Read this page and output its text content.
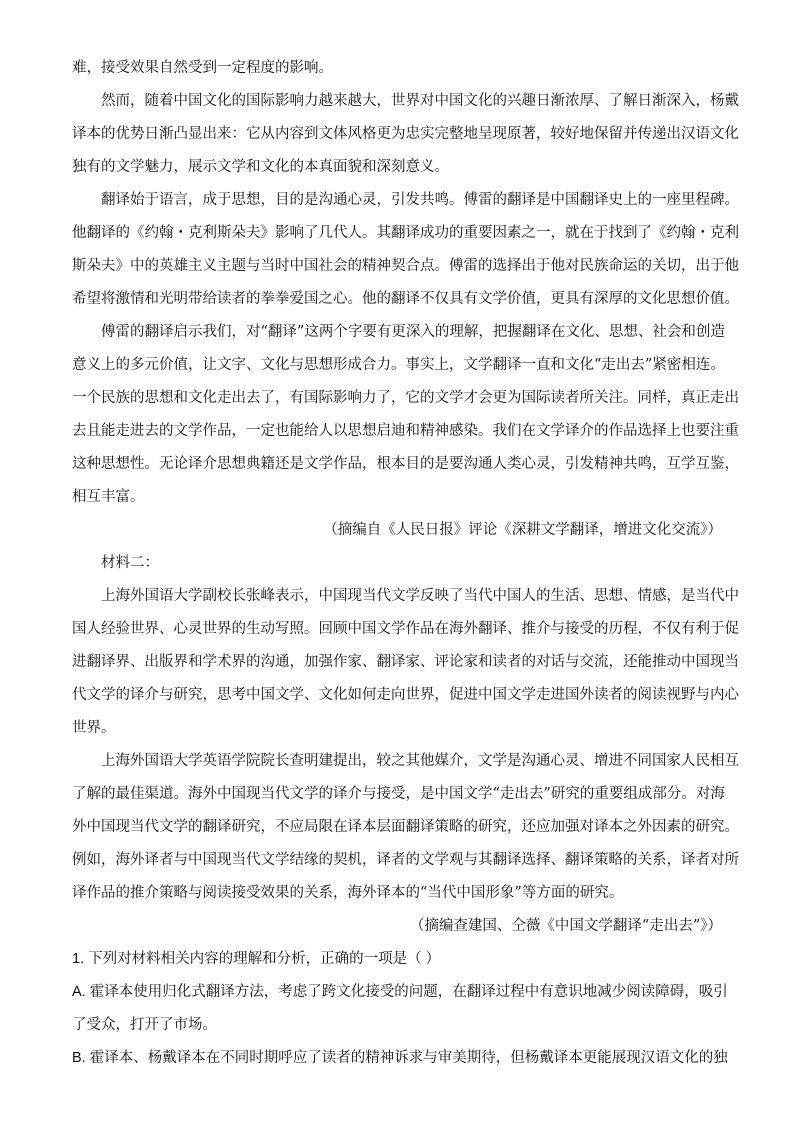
难，接受效果自然受到一定程度的影响。
然而，随着中国文化的国际影响力越来越大，世界对中国文化的兴趣日渐浓厚、了解日渐深入，杨戴
译本的优势日渐凸显出来：它从内容到文体风格更为忠实完整地呈现原著，较好地保留并传递出汉语文化
独有的文学魅力，展示文学和文化的本真面貌和深刻意义。
翻译始于语言，成于思想，目的是沟通心灵，引发共鸣。傅雷的翻译是中国翻译史上的一座里程碑。
他翻译的《约翰・克利斯朵夫》影响了几代人。其翻译成功的重要因素之一，就在于找到了《约翰・克利
斯朵夫》中的英雄主义主题与当时中国社会的精神契合点。傅雷的选择出于他对民族命运的关切，出于他
希望将激情和光明带给读者的拳拳爱国之心。他的翻译不仅具有文学价值，更具有深厚的文化思想价值。
傅雷的翻译启示我们，对“翻译”这两个字要有更深入的理解，把握翻译在文化、思想、社会和创造
意义上的多元价值，让文字、文化与思想形成合力。事实上，文学翻译一直和文化“走出去”紧密相连。
一个民族的思想和文化走出去了，有国际影响力了，它的文学才会更为国际读者所关注。同样，真正走出
去且能走进去的文学作品，一定也能给人以思想启迪和精神感染。我们在文学译介的作品选择上也要注重
这种思想性。无论译介思想典籍还是文学作品，根本目的是要沟通人类心灵，引发精神共鸣，互学互鉴，
相互丰富。
（摘编自《人民日报》评论《深耕文学翻译，增进文化交流》）
材料二：
上海外国语大学副校长张峰表示，中国现当代文学反映了当代中国人的生活、思想、情感，是当代中
国人经验世界、心灵世界的生动写照。回顾中国文学作品在海外翻译、推介与接受的历程，不仅有利于促
进翻译界、出版界和学术界的沟通，加强作家、翻译家、评论家和读者的对话与交流，还能推动中国现当
代文学的译介与研究，思考中国文学、文化如何走向世界，促进中国文学走进国外读者的阅读视野与内心
世界。
上海外国语大学英语学院院长查明建提出，较之其他媒介，文学是沟通心灵、增进不同国家人民相互
了解的最佳渠道。海外中国现当代文学的译介与接受，是中国文学“走出去”研究的重要组成部分。对海
外中国现当代文学的翻译研究，不应局限在译本层面翻译策略的研究，还应加强对译本之外因素的研究。
例如，海外译者与中国现当代文学结缘的契机，译者的文学观与其翻译选择、翻译策略的关系，译者对所
译作品的推介策略与阅读接受效果的关系，海外译本的“当代中国形象”等方面的研究。
（摘编查建国、仝薇《中国文学翻译“走出去”》）
1. 下列对材料相关内容的理解和分析，正确的一项是（ ）
A. 霍译本使用归化式翻译方法，考虑了跨文化接受的问题，在翻译过程中有意识地减少阅读障碍，吸引
了受众，打开了市场。
B. 霍译本、杨戴译本在不同时期呼应了读者的精神诉求与审美期待，但杨戴译本更能展现汉语文化的独
